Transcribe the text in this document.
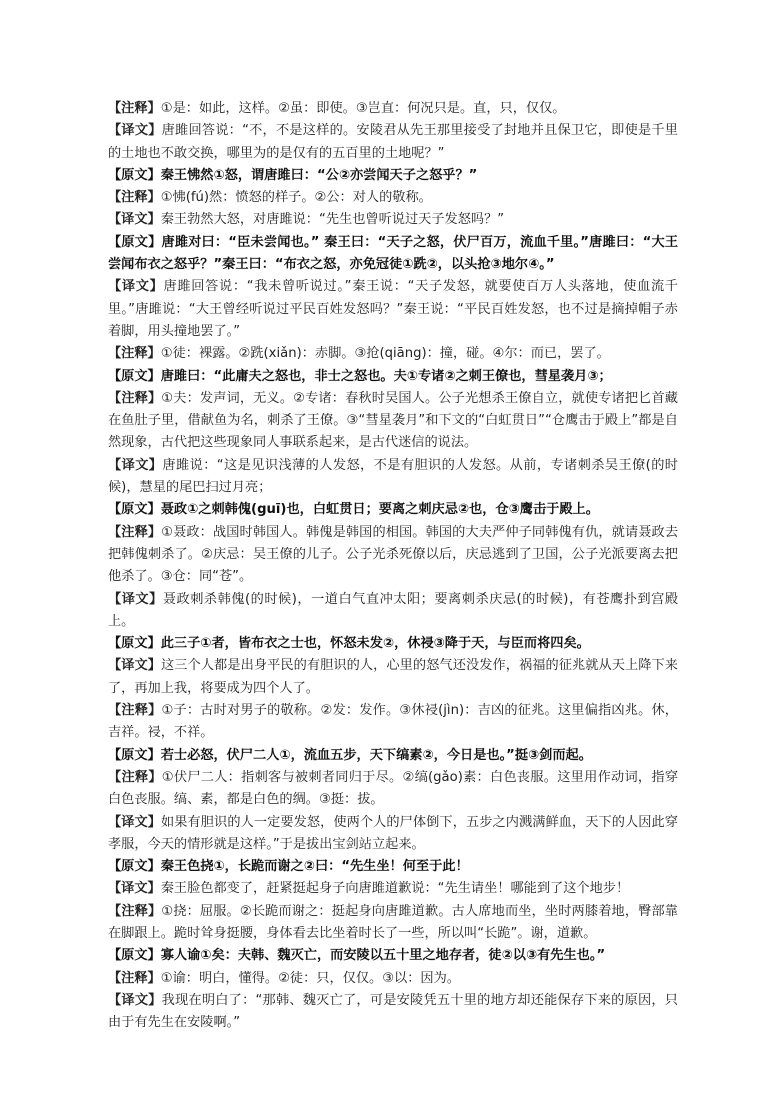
【注释】①是：如此，这样。②虽：即使。③岂直：何况只是。直，只，仅仅。

【译文】唐雎回答说：“不，不是这样的。安陵君从先王那里接受了封地并且保卫它，即使是千里的土地也不敢交换，哪里为的是仅有的五百里的土地呢？”

【原文】秦王怫然①怒，谓唐雎曰：“公②亦尝闻天子之怒乎？”

【注释】①怫(fú)然：愤怒的样子。②公：对人的敬称。

【译文】秦王勃然大怒，对唐雎说：“先生也曾听说过天子发怒吗？”

【原文】唐雎对曰：“臣未尝闻也。” 秦王曰：“天子之怒，伏尸百万，流血千里。”唐雎曰：“大王尝闻布衣之怒乎？”秦王曰：“布衣之怒，亦免冠徒①跣②，以头抢③地尔④。”

【译文】唐雎回答说：“我未曾听说过。”秦王说：“天子发怒，就要使百万人头落地，使血流千里。”唐雎说：“大王曾经听说过平民百姓发怒吗？”秦王说：“平民百姓发怒，也不过是摘掉帽子赤着脚，用头撞地罢了。”

【注释】①徒：裸露。②跣(xiǎn)：赤脚。③抢(qiāng)：撞，碰。④尔：而已，罢了。

【原文】唐雎曰：“此庸夫之怒也，非士之怒也。夫①专诸②之刺王僚也，彗星袭月③；

【注释】①夫：发声词，无义。②专诸：春秋时吴国人。公子光想杀王僚自立，就使专诸把匕首藏在鱼肚子里，借献鱼为名，刺杀了王僚。③“彗星袭月”和下文的“白虹贯日”“仓鹰击于殿上”都是自然现象，古代把这些现象同人事联系起来，是古代迷信的说法。

【译文】唐雎说：“这是见识浅薄的人发怒，不是有胆识的人发怒。从前，专诸刺杀吴王僚(的时候)，慧星的尾巴扫过月亮；

【原文】聂政①之刺韩傀(guī)也，白虹贯日；要离之刺庆忌②也，仓③鹰击于殿上。

【注释】①聂政：战国时韩国人。韩傀是韩国的相国。韩国的大夫严仲子同韩傀有仇，就请聂政去把韩傀刺杀了。②庆忌：吴王僚的儿子。公子光杀死僚以后，庆忌逃到了卫国，公子光派要离去把他杀了。③仓：同“苍”。

【译文】聂政刺杀韩傀(的时候)，一道白气直冲太阳；要离刺杀庆忌(的时候)，有苍鹰扑到宫殿上。

【原文】此三子①者，皆布衣之士也，怀怒未发②，休祲③降于天，与臣而将四矣。

【译文】这三个人都是出身平民的有胆识的人，心里的怒气还没发作，祸福的征兆就从天上降下来了，再加上我，将要成为四个人了。

【注释】①子：古时对男子的敬称。②发：发作。③休祲(jìn)：吉凶的征兆。这里偏指凶兆。休，吉祥。祲，不祥。

【原文】若士必怒，伏尸二人①，流血五步，天下缟素②，今日是也。”挺③剑而起。

【注释】①伏尸二人：指刺客与被刺者同归于尽。②缟(gǎo)素：白色丧服。这里用作动词，指穿白色丧服。缟、素，都是白色的绸。③挺：拔。

【译文】如果有胆识的人一定要发怒，使两个人的尸体倒下，五步之内溅满鲜血，天下的人因此穿孝服，今天的情形就是这样。”于是拔出宝剑站立起来。

【原文】秦王色挠①，长跪而谢之②曰：“先生坐！何至于此！

【译文】秦王脸色都变了，赶紧挺起身子向唐雎道歉说：“先生请坐！哪能到了这个地步！

【注释】①挠：屈服。②长跪而谢之：挺起身向唐雎道歉。古人席地而坐，坐时两膝着地，臀部靠在脚跟上。跪时耸身挺腰，身体看去比坐着时长了一些，所以叫“长跪”。谢，道歉。

【原文】寡人谕①矣：夫韩、魏灭亡，而安陵以五十里之地存者，徒②以③有先生也。”

【注释】①谕：明白，懂得。②徒：只，仅仅。③以：因为。

【译文】我现在明白了：“那韩、魏灭亡了，可是安陵凭五十里的地方却还能保存下来的原因，只由于有先生在安陵啊。”
